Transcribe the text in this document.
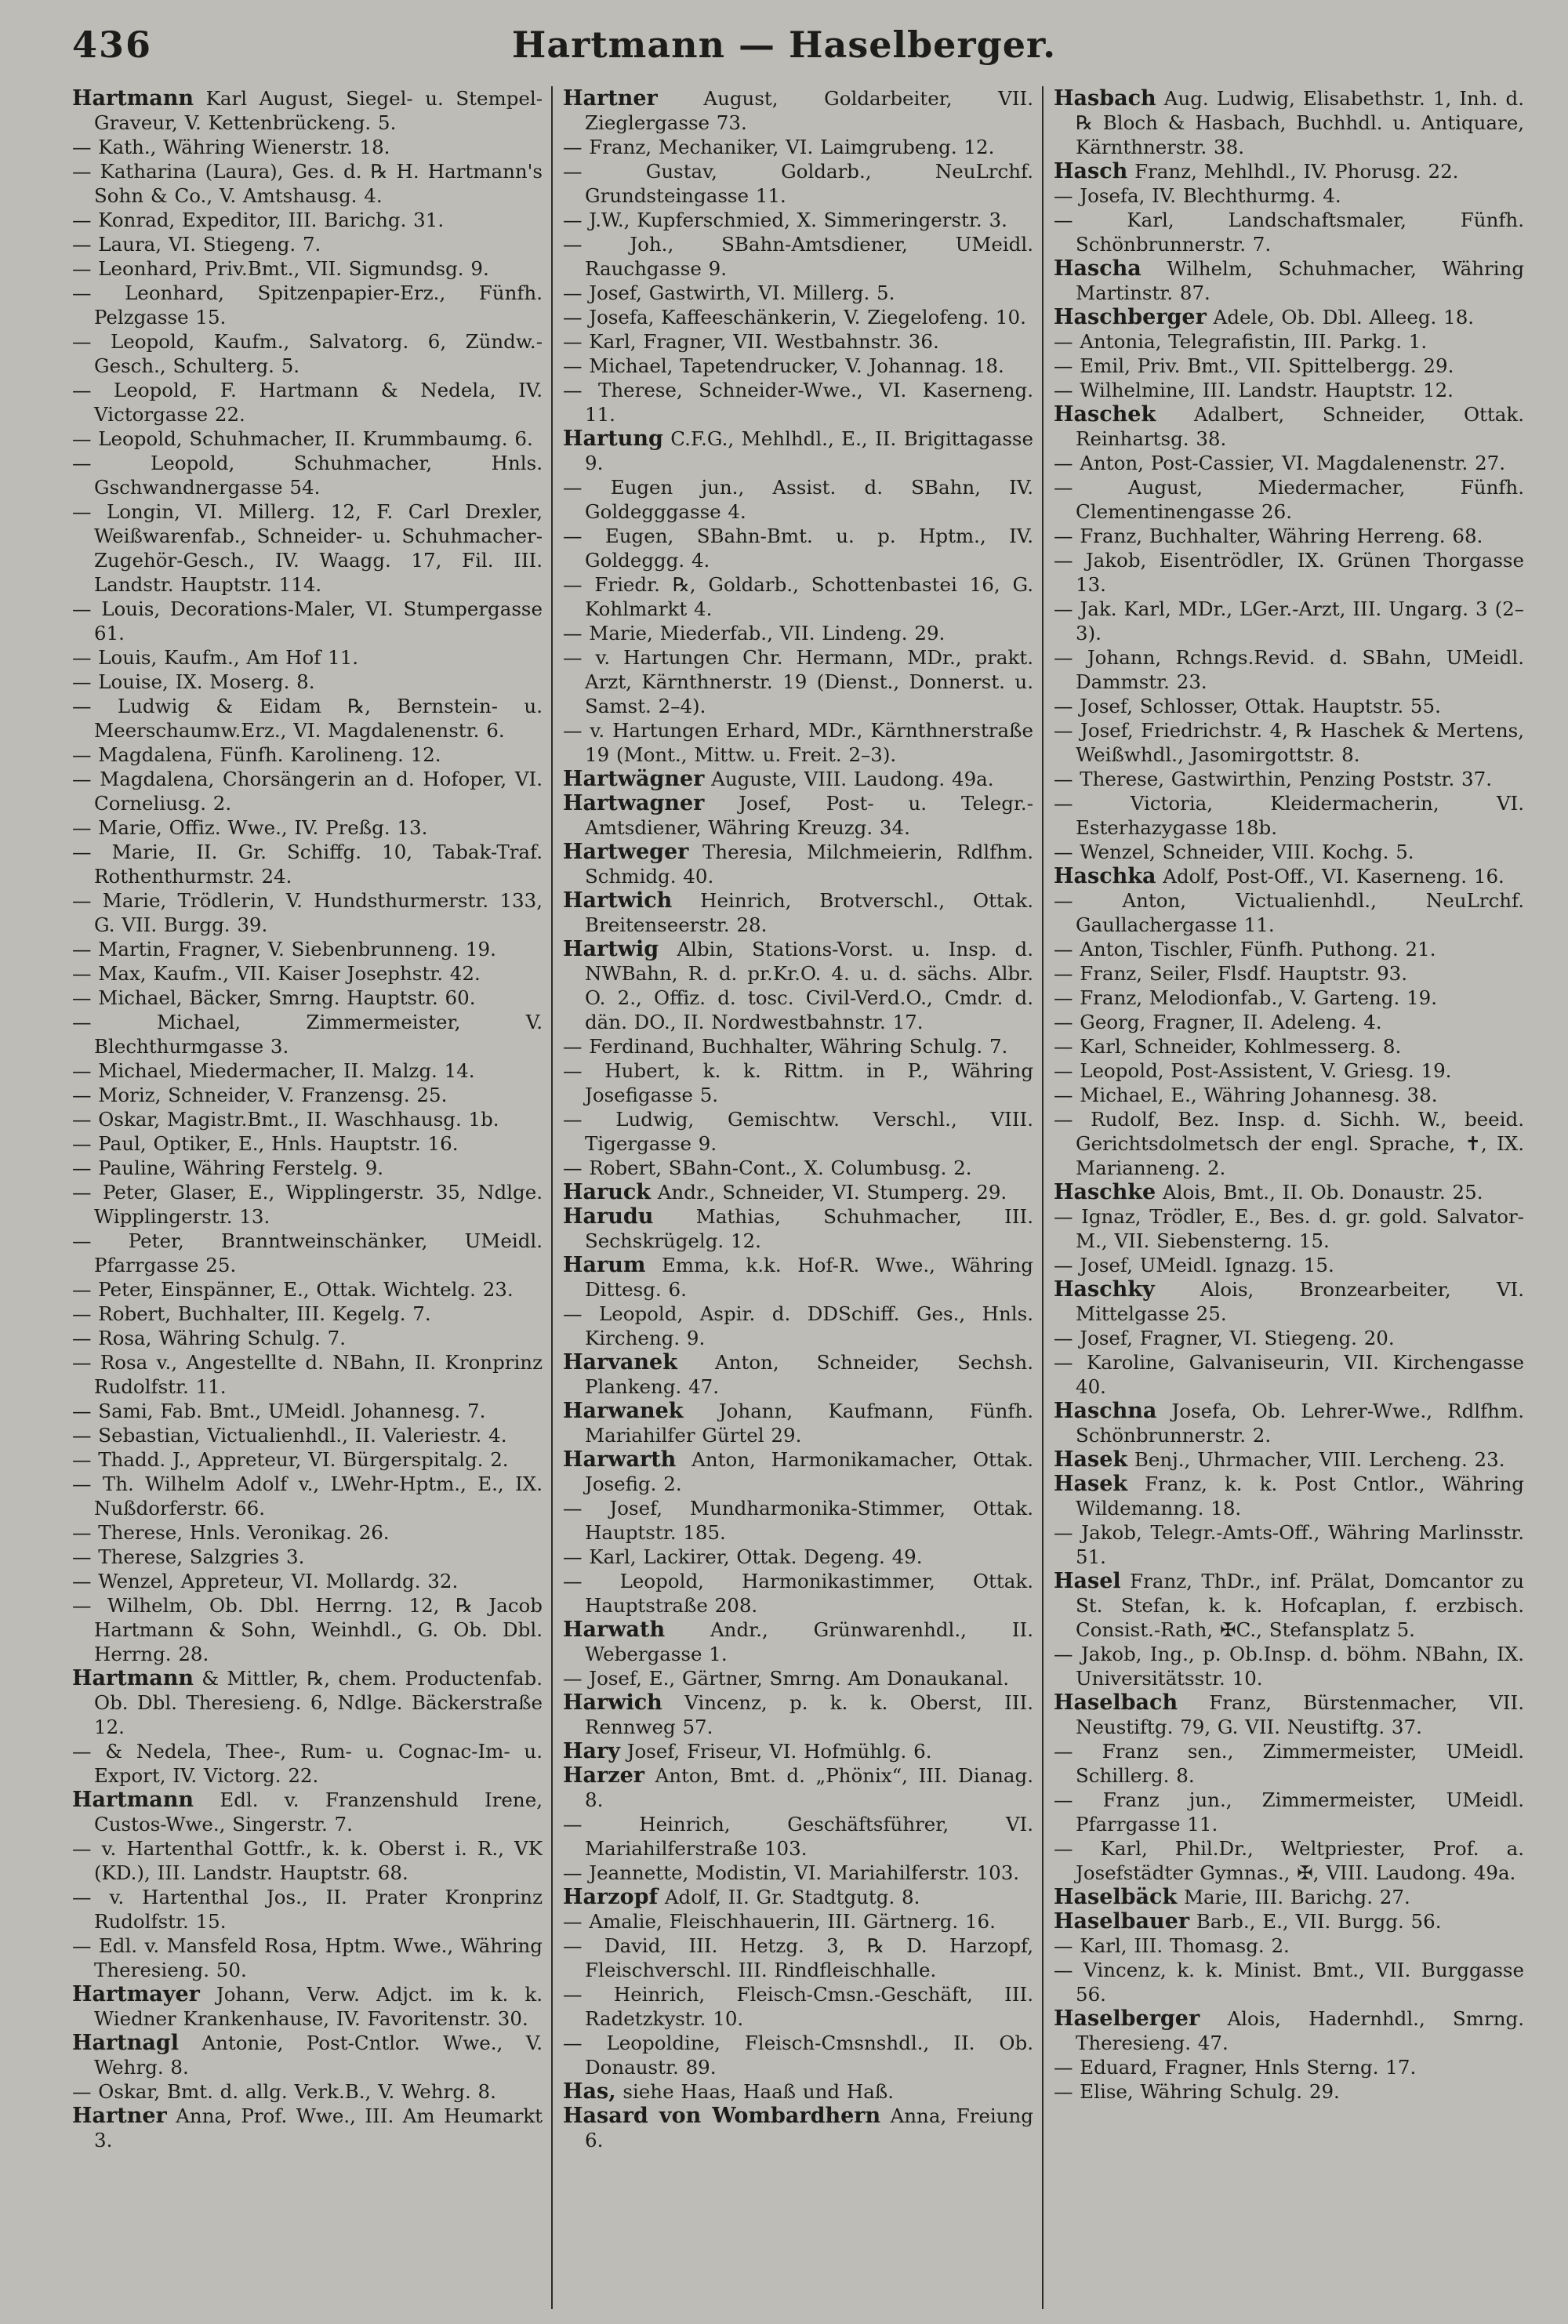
436	Hartmann — Haselberger.

Hartmann Karl August, Siegel- u. Stempel-Graveur, V. Kettenbrückeng. 5.

— Kath., Währing Wienerstr. 18.

— Katharina (Laura), Ges. d. ℞ H. Hartmann's Sohn & Co., V. Amtshausg. 4.

— Konrad, Expeditor, III. Barichg. 31.

— Laura, VI. Stiegeng. 7.

— Leonhard, Priv.Bmt., VII. Sigmundsg. 9.

— Leonhard, Spitzenpapier-Erz., Fünfh. Pelzgasse 15.

— Leopold, Kaufm., Salvatorg. 6, Zündw.-Gesch., Schulterg. 5.

— Leopold, F. Hartmann & Nedela, IV. Victorgasse 22.

— Leopold, Schuhmacher, II. Krummbaumg. 6.

— Leopold, Schuhmacher, Hnls. Gschwandnergasse 54.

— Longin, VI. Millerg. 12, F. Carl Drexler, Weißwarenfab., Schneider- u. Schuhmacher-Zugehör-Gesch., IV. Waagg. 17, Fil. III. Landstr. Hauptstr. 114.

— Louis, Decorations-Maler, VI. Stumpergasse 61.

— Louis, Kaufm., Am Hof 11.

— Louise, IX. Moserg. 8.

— Ludwig & Eidam ℞, Bernstein- u. Meerschaumw.Erz., VI. Magdalenenstr. 6.

— Magdalena, Fünfh. Karolineng. 12.

— Magdalena, Chorsängerin an d. Hofoper, VI. Corneliusg. 2.

— Marie, Offiz. Wwe., IV. Preßg. 13.

— Marie, II. Gr. Schiffg. 10, Tabak-Traf. Rothenthurmstr. 24.

— Marie, Trödlerin, V. Hundsthurmerstr. 133, G. VII. Burgg. 39.

— Martin, Fragner, V. Siebenbrunneng. 19.

— Max, Kaufm., VII. Kaiser Josephstr. 42.

— Michael, Bäcker, Smrng. Hauptstr. 60.

— Michael, Zimmermeister, V. Blechthurmgasse 3.

— Michael, Miedermacher, II. Malzg. 14.

— Moriz, Schneider, V. Franzensg. 25.

— Oskar, Magistr.Bmt., II. Waschhausg. 1b.

— Paul, Optiker, E., Hnls. Hauptstr. 16.

— Pauline, Währing Ferstelg. 9.

— Peter, Glaser, E., Wipplingerstr. 35, Ndlge. Wipplingerstr. 13.

— Peter, Branntweinschänker, UMeidl. Pfarrgasse 25.

— Peter, Einspänner, E., Ottak. Wichtelg. 23.

— Robert, Buchhalter, III. Kegelg. 7.

— Rosa, Währing Schulg. 7.

— Rosa v., Angestellte d. NBahn, II. Kronprinz Rudolfstr. 11.

— Sami, Fab. Bmt., UMeidl. Johannesg. 7.

— Sebastian, Victualienhdl., II. Valeriestr. 4.

— Thadd. J., Appreteur, VI. Bürgerspitalg. 2.

— Th. Wilhelm Adolf v., LWehr-Hptm., E., IX. Nußdorferstr. 66.

— Therese, Hnls. Veronikag. 26.

— Therese, Salzgries 3.

— Wenzel, Appreteur, VI. Mollardg. 32.

— Wilhelm, Ob. Dbl. Herrng. 12, ℞ Jacob Hartmann & Sohn, Weinhdl., G. Ob. Dbl. Herrng. 28.

Hartmann & Mittler, ℞, chem. Productenfab. Ob. Dbl. Theresieng. 6, Ndlge. Bäckerstraße 12.

— & Nedela, Thee-, Rum- u. Cognac-Im- u. Export, IV. Victorg. 22.

Hartmann Edl. v. Franzenshuld Irene, Custos-Wwe., Singerstr. 7.

— v. Hartenthal Gottfr., k. k. Oberst i. R., VK (KD.), III. Landstr. Hauptstr. 68.

— v. Hartenthal Jos., II. Prater Kronprinz Rudolfstr. 15.

— Edl. v. Mansfeld Rosa, Hptm. Wwe., Währing Theresieng. 50.

Hartmayer Johann, Verw. Adjct. im k. k. Wiedner Krankenhause, IV. Favoritenstr. 30.

Hartnagl Antonie, Post-Cntlor. Wwe., V. Wehrg. 8.

— Oskar, Bmt. d. allg. Verk.B., V. Wehrg. 8.

Hartner Anna, Prof. Wwe., III. Am Heumarkt 3.

Hartner August, Goldarbeiter, VII. Zieglergasse 73.

— Franz, Mechaniker, VI. Laimgrubeng. 12.

— Gustav, Goldarb., NeuLrchf. Grundsteingasse 11.

— J.W., Kupferschmied, X. Simmeringerstr. 3.

— Joh., SBahn-Amtsdiener, UMeidl. Rauchgasse 9.

— Josef, Gastwirth, VI. Millerg. 5.

— Josefa, Kaffeeschänkerin, V. Ziegelofeng. 10.

— Karl, Fragner, VII. Westbahnstr. 36.

— Michael, Tapetendrucker, V. Johannag. 18.

— Therese, Schneider-Wwe., VI. Kaserneng. 11.

Hartung C.F.G., Mehlhdl., E., II. Brigittagasse 9.

— Eugen jun., Assist. d. SBahn, IV. Goldegggasse 4.

— Eugen, SBahn-Bmt. u. p. Hptm., IV. Goldeggg. 4.

— Friedr. ℞, Goldarb., Schottenbastei 16, G. Kohlmarkt 4.

— Marie, Miederfab., VII. Lindeng. 29.

— v. Hartungen Chr. Hermann, MDr., prakt. Arzt, Kärnthnerstr. 19 (Dienst., Donnerst. u. Samst. 2–4).

— v. Hartungen Erhard, MDr., Kärnthnerstraße 19 (Mont., Mittw. u. Freit. 2–3).

Hartwägner Auguste, VIII. Laudong. 49a.

Hartwagner Josef, Post- u. Telegr.-Amtsdiener, Währing Kreuzg. 34.

Hartweger Theresia, Milchmeierin, Rdlfhm. Schmidg. 40.

Hartwich Heinrich, Brotverschl., Ottak. Breitenseerstr. 28.

Hartwig Albin, Stations-Vorst. u. Insp. d. NWBahn, R. d. pr.Kr.O. 4. u. d. sächs. Albr. O. 2., Offiz. d. tosc. Civil-Verd.O., Cmdr. d. dän. DO., II. Nordwestbahnstr. 17.

— Ferdinand, Buchhalter, Währing Schulg. 7.

— Hubert, k. k. Rittm. in P., Währing Josefigasse 5.

— Ludwig, Gemischtw. Verschl., VIII. Tigergasse 9.

— Robert, SBahn-Cont., X. Columbusg. 2.

Haruck Andr., Schneider, VI. Stumperg. 29.

Harudu Mathias, Schuhmacher, III. Sechskrügelg. 12.

Harum Emma, k.k. Hof-R. Wwe., Währing Dittesg. 6.

— Leopold, Aspir. d. DDSchiff. Ges., Hnls. Kircheng. 9.

Harvanek Anton, Schneider, Sechsh. Plankeng. 47.

Harwanek Johann, Kaufmann, Fünfh. Mariahilfer Gürtel 29.

Harwarth Anton, Harmonikamacher, Ottak. Josefig. 2.

— Josef, Mundharmonika-Stimmer, Ottak. Hauptstr. 185.

— Karl, Lackirer, Ottak. Degeng. 49.

— Leopold, Harmonikastimmer, Ottak. Hauptstraße 208.

Harwath Andr., Grünwarenhdl., II. Webergasse 1.

— Josef, E., Gärtner, Smrng. Am Donaukanal.

Harwich Vincenz, p. k. k. Oberst, III. Rennweg 57.

Hary Josef, Friseur, VI. Hofmühlg. 6.

Harzer Anton, Bmt. d. „Phönix“, III. Dianag. 8.

— Heinrich, Geschäftsführer, VI. Mariahilferstraße 103.

— Jeannette, Modistin, VI. Mariahilferstr. 103.

Harzopf Adolf, II. Gr. Stadtgutg. 8.

— Amalie, Fleischhauerin, III. Gärtnerg. 16.

— David, III. Hetzg. 3, ℞ D. Harzopf, Fleischverschl. III. Rindfleischhalle.

— Heinrich, Fleisch-Cmsn.-Geschäft, III. Radetzkystr. 10.

— Leopoldine, Fleisch-Cmsnshdl., II. Ob. Donaustr. 89.

Has, siehe Haas, Haaß und Haß.

Hasard von Wombardhern Anna, Freiung 6.

Hasbach Aug. Ludwig, Elisabethstr. 1, Inh. d. ℞ Bloch & Hasbach, Buchhdl. u. Antiquare, Kärnthnerstr. 38.

Hasch Franz, Mehlhdl., IV. Phorusg. 22.

— Josefa, IV. Blechthurmg. 4.

— Karl, Landschaftsmaler, Fünfh. Schönbrunnerstr. 7.

Hascha Wilhelm, Schuhmacher, Währing Martinstr. 87.

Haschberger Adele, Ob. Dbl. Alleeg. 18.

— Antonia, Telegrafistin, III. Parkg. 1.

— Emil, Priv. Bmt., VII. Spittelbergg. 29.

— Wilhelmine, III. Landstr. Hauptstr. 12.

Haschek Adalbert, Schneider, Ottak. Reinhartsg. 38.

— Anton, Post-Cassier, VI. Magdalenenstr. 27.

— August, Miedermacher, Fünfh. Clementinengasse 26.

— Franz, Buchhalter, Währing Herreng. 68.

— Jakob, Eisentrödler, IX. Grünen Thorgasse 13.

— Jak. Karl, MDr., LGer.-Arzt, III. Ungarg. 3 (2–3).

— Johann, Rchngs.Revid. d. SBahn, UMeidl. Dammstr. 23.

— Josef, Schlosser, Ottak. Hauptstr. 55.

— Josef, Friedrichstr. 4, ℞ Haschek & Mertens, Weißwhdl., Jasomirgottstr. 8.

— Therese, Gastwirthin, Penzing Poststr. 37.

— Victoria, Kleidermacherin, VI. Esterhazygasse 18b.

— Wenzel, Schneider, VIII. Kochg. 5.

Haschka Adolf, Post-Off., VI. Kaserneng. 16.

— Anton, Victualienhdl., NeuLrchf. Gaullachergasse 11.

— Anton, Tischler, Fünfh. Puthong. 21.

— Franz, Seiler, Flsdf. Hauptstr. 93.

— Franz, Melodionfab., V. Garteng. 19.

— Georg, Fragner, II. Adeleng. 4.

— Karl, Schneider, Kohlmesserg. 8.

— Leopold, Post-Assistent, V. Griesg. 19.

— Michael, E., Währing Johannesg. 38.

— Rudolf, Bez. Insp. d. Sichh. W., beeid. Gerichtsdolmetsch der engl. Sprache, ✝, IX. Marianneng. 2.

Haschke Alois, Bmt., II. Ob. Donaustr. 25.

— Ignaz, Trödler, E., Bes. d. gr. gold. Salvator-M., VII. Siebensterng. 15.

— Josef, UMeidl. Ignazg. 15.

Haschky Alois, Bronzearbeiter, VI. Mittelgasse 25.

— Josef, Fragner, VI. Stiegeng. 20.

— Karoline, Galvaniseurin, VII. Kirchengasse 40.

Haschna Josefa, Ob. Lehrer-Wwe., Rdlfhm. Schönbrunnerstr. 2.

Hasek Benj., Uhrmacher, VIII. Lercheng. 23.

Hasek Franz, k. k. Post Cntlor., Währing Wildemanng. 18.

— Jakob, Telegr.-Amts-Off., Währing Marlinsstr. 51.

Hasel Franz, ThDr., inf. Prälat, Domcantor zu St. Stefan, k. k. Hofcaplan, f. erzbisch. Consist.-Rath, ✠C., Stefansplatz 5.

— Jakob, Ing., p. Ob.Insp. d. böhm. NBahn, IX. Universitätsstr. 10.

Haselbach Franz, Bürstenmacher, VII. Neustiftg. 79, G. VII. Neustiftg. 37.

— Franz sen., Zimmermeister, UMeidl. Schillerg. 8.

— Franz jun., Zimmermeister, UMeidl. Pfarrgasse 11.

— Karl, Phil.Dr., Weltpriester, Prof. a. Josefstädter Gymnas., ✠, VIII. Laudong. 49a.

Haselbäck Marie, III. Barichg. 27.

Haselbauer Barb., E., VII. Burgg. 56.

— Karl, III. Thomasg. 2.

— Vincenz, k. k. Minist. Bmt., VII. Burggasse 56.

Haselberger Alois, Hadernhdl., Smrng. Theresieng. 47.

— Eduard, Fragner, Hnls Sterng. 17.

— Elise, Währing Schulg. 29.
